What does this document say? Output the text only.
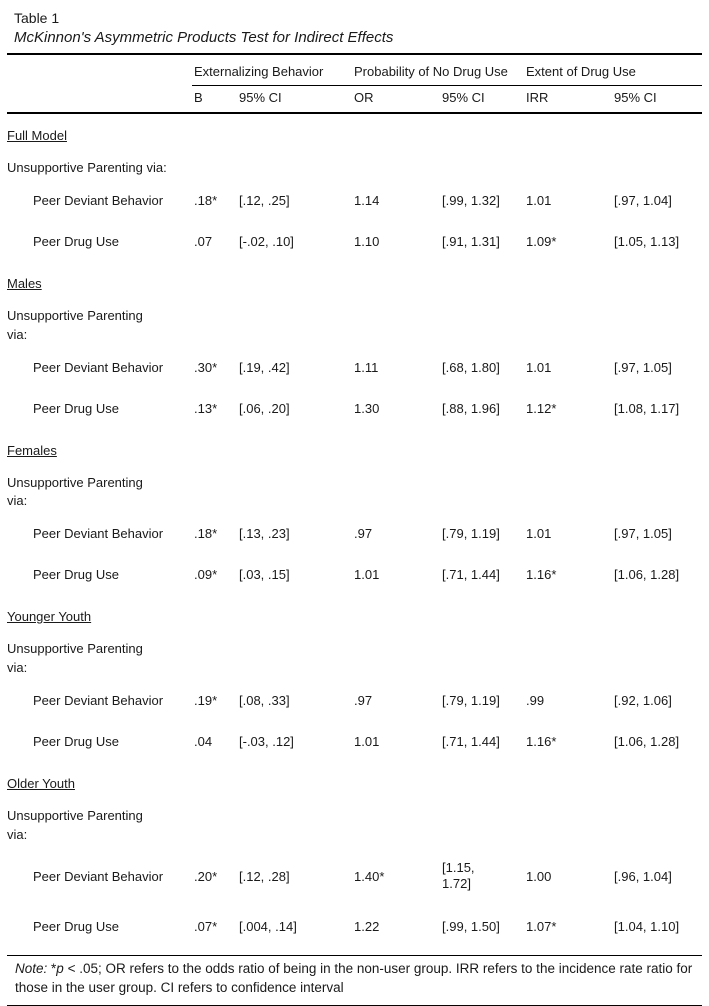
Table 1
McKinnon's Asymmetric Products Test for Indirect Effects
	Externalizing Behavior		Probability of No Drug Use		Extent of Drug Use	
	B	95% CI	OR	95% CI	IRR	95% CI
Full Model						
Unsupportive Parenting via:						
Peer Deviant Behavior	.18*	[.12, .25]	1.14	[.99, 1.32]	1.01	[.97, 1.04]
Peer Drug Use	.07	[-.02, .10]	1.10	[.91, 1.31]	1.09*	[1.05, 1.13]
Males						
Unsupportive Parenting via:						
Peer Deviant Behavior	.30*	[.19, .42]	1.11	[.68, 1.80]	1.01	[.97, 1.05]
Peer Drug Use	.13*	[.06, .20]	1.30	[.88, 1.96]	1.12*	[1.08, 1.17]
Females						
Unsupportive Parenting via:						
Peer Deviant Behavior	.18*	[.13, .23]	.97	[.79, 1.19]	1.01	[.97, 1.05]
Peer Drug Use	.09*	[.03, .15]	1.01	[.71, 1.44]	1.16*	[1.06, 1.28]
Younger Youth						
Unsupportive Parenting via:						
Peer Deviant Behavior	.19*	[.08, .33]	.97	[.79, 1.19]	.99	[.92, 1.06]
Peer Drug Use	.04	[-.03, .12]	1.01	[.71, 1.44]	1.16*	[1.06, 1.28]
Older Youth						
Unsupportive Parenting via:						
Peer Deviant Behavior	.20*	[.12, .28]	1.40*	[1.15, 1.72]	1.00	[.96, 1.04]
Peer Drug Use	.07*	[.004, .14]	1.22	[.99, 1.50]	1.07*	[1.04, 1.10]
Note: *p < .05; OR refers to the odds ratio of being in the non-user group. IRR refers to the incidence rate ratio for those in the user group. CI refers to confidence interval
